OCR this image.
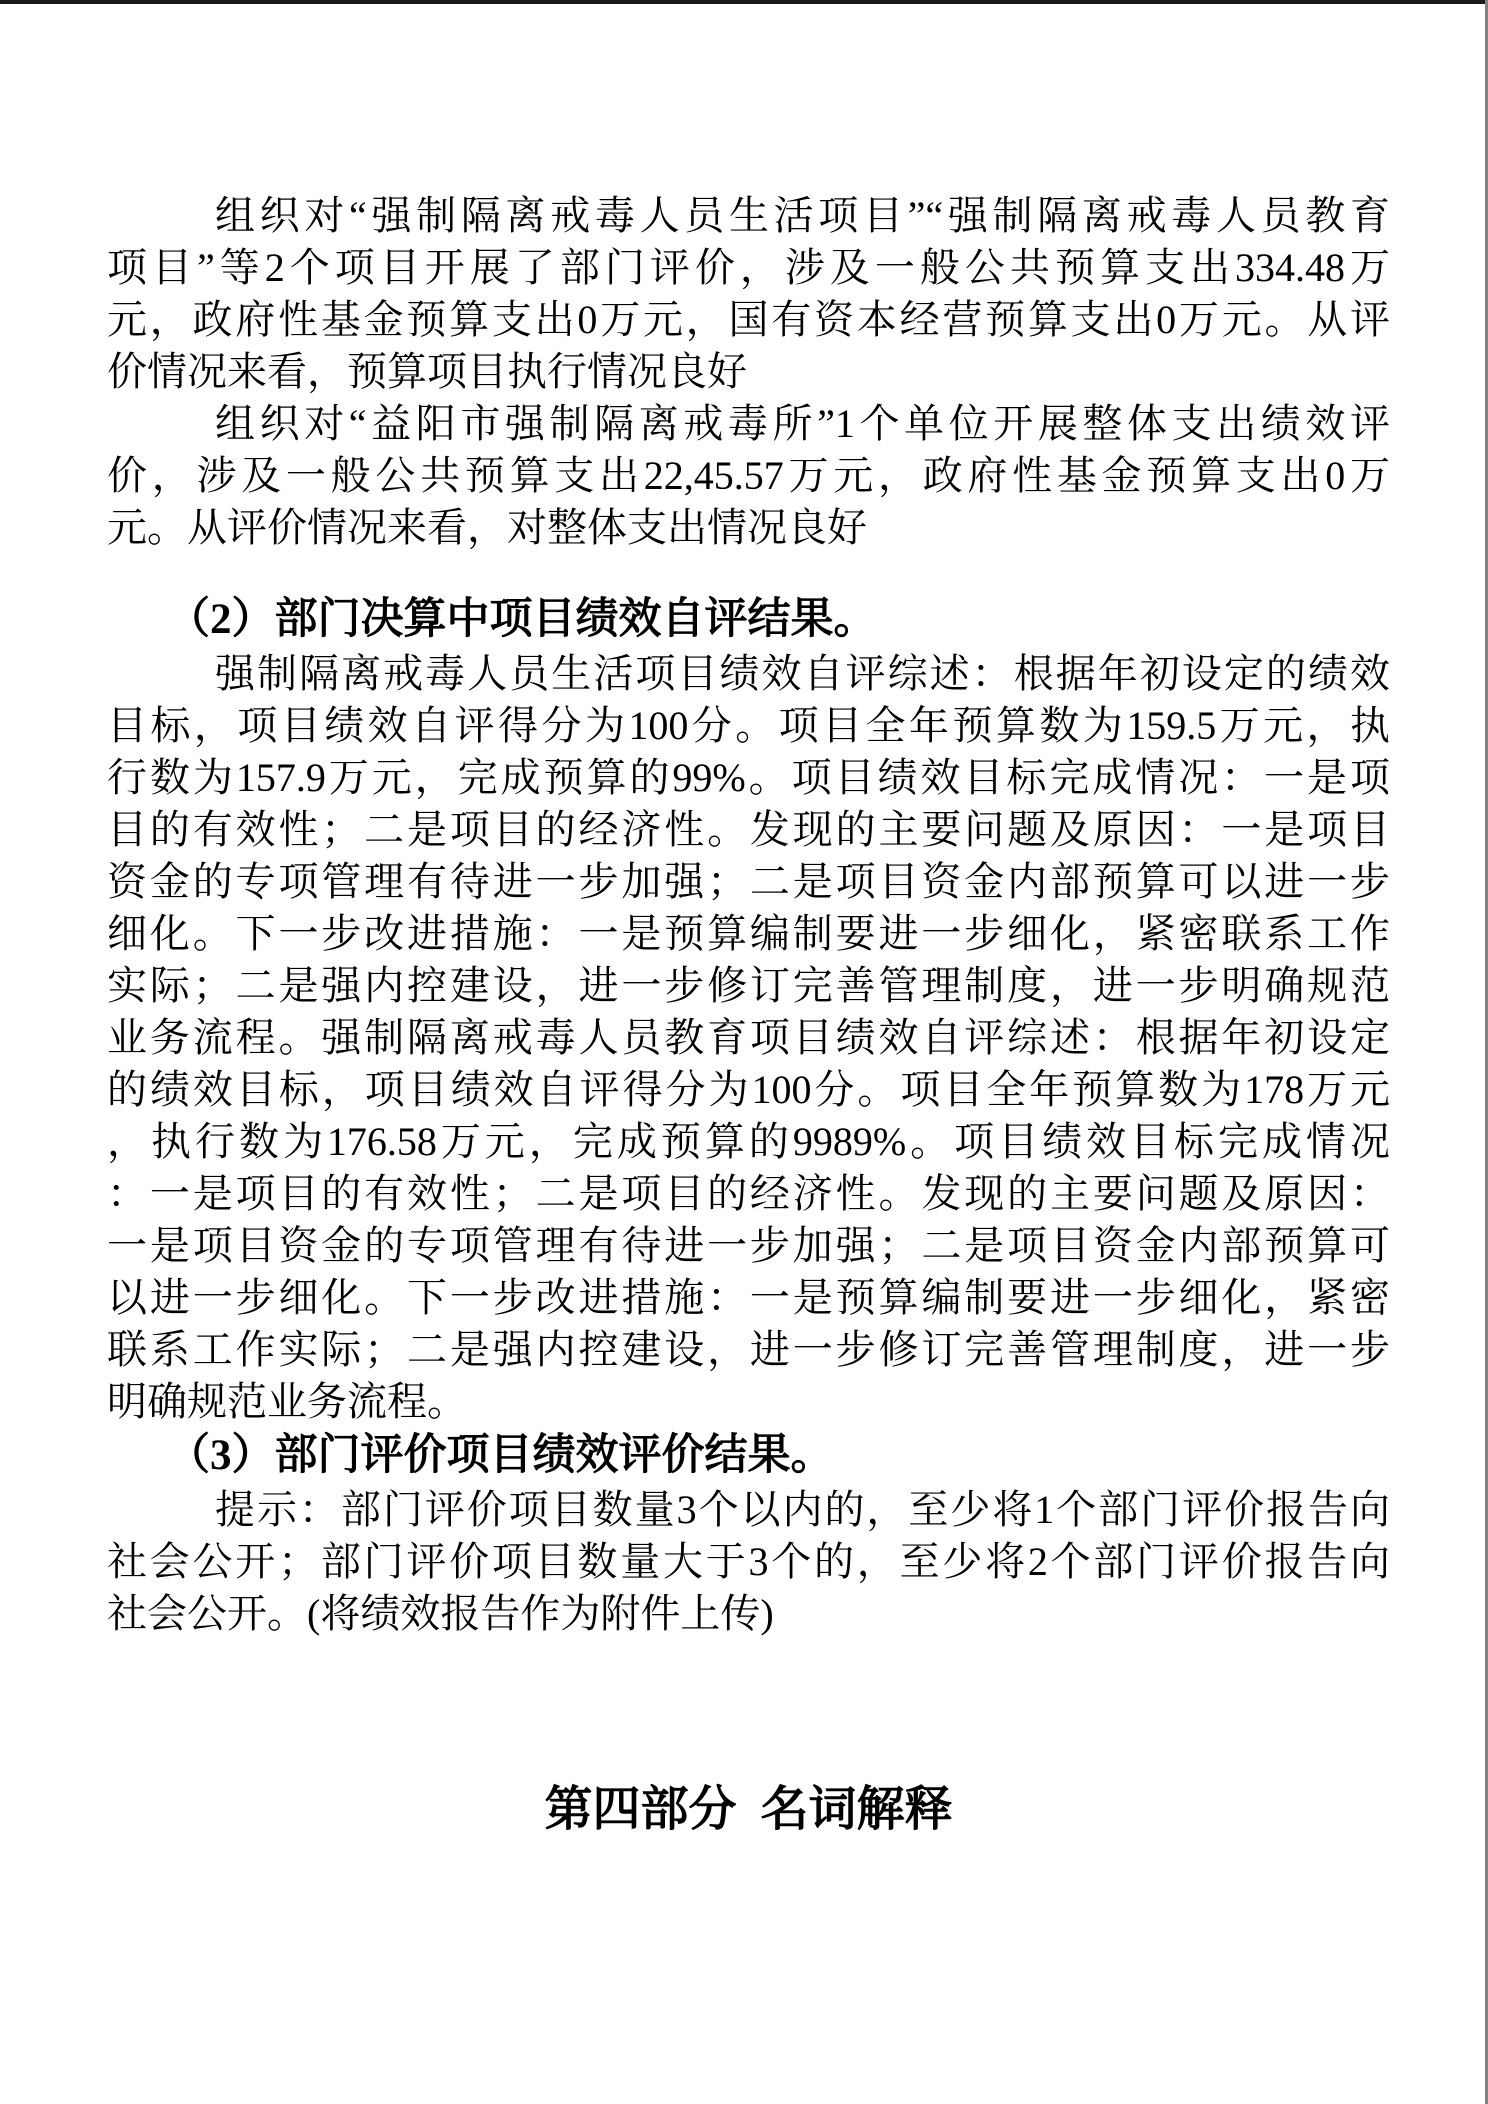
组织对“强制隔离戒毒人员生活项目”“强制隔离戒毒人员教育
项目”等2个项目开展了部门评价，涉及一般公共预算支出334.48万
元，政府性基金预算支出0万元，国有资本经营预算支出0万元。从评
价情况来看，预算项目执行情况良好
组织对“益阳市强制隔离戒毒所”1个单位开展整体支出绩效评
价，涉及一般公共预算支出22,45.57万元，政府性基金预算支出0万
元。从评价情况来看，对整体支出情况良好
（2）部门决算中项目绩效自评结果。
强制隔离戒毒人员生活项目绩效自评综述：根据年初设定的绩效
目标，项目绩效自评得分为100分。项目全年预算数为159.5万元，执
行数为157.9万元，完成预算的99%。项目绩效目标完成情况：一是项
目的有效性；二是项目的经济性。发现的主要问题及原因：一是项目
资金的专项管理有待进一步加强；二是项目资金内部预算可以进一步
细化。下一步改进措施：一是预算编制要进一步细化，紧密联系工作
实际；二是强内控建设，进一步修订完善管理制度，进一步明确规范
业务流程。强制隔离戒毒人员教育项目绩效自评综述：根据年初设定
的绩效目标，项目绩效自评得分为100分。项目全年预算数为178万元
，执行数为176.58万元，完成预算的9989%。项目绩效目标完成情况
：一是项目的有效性；二是项目的经济性。发现的主要问题及原因：
一是项目资金的专项管理有待进一步加强；二是项目资金内部预算可
以进一步细化。下一步改进措施：一是预算编制要进一步细化，紧密
联系工作实际；二是强内控建设，进一步修订完善管理制度，进一步
明确规范业务流程。
（3）部门评价项目绩效评价结果。
提示：部门评价项目数量3个以内的，至少将1个部门评价报告向
社会公开；部门评价项目数量大于3个的，至少将2个部门评价报告向
社会公开。(将绩效报告作为附件上传)
第四部分  名词解释
